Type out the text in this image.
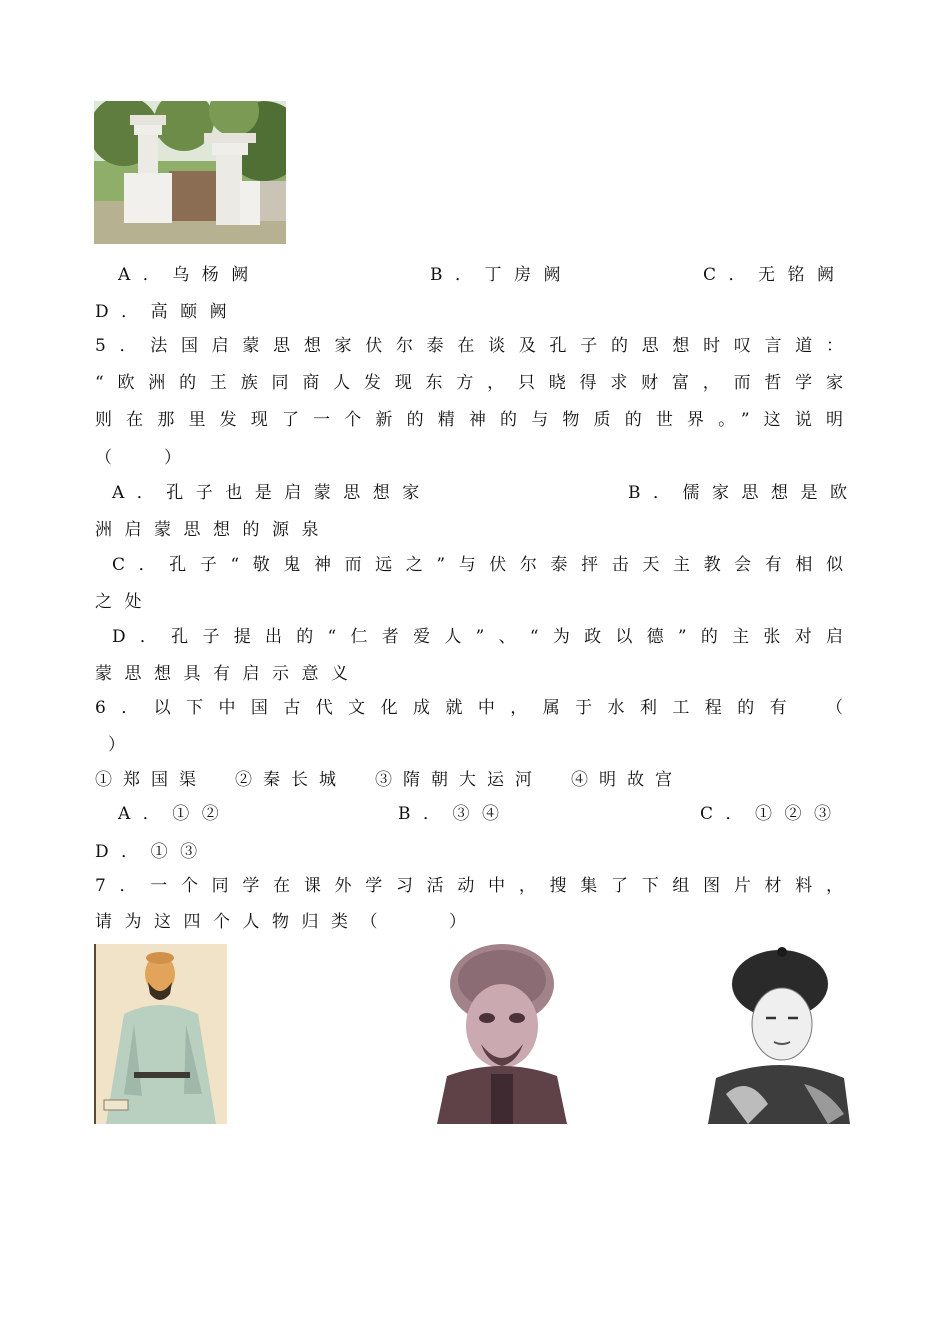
A．乌杨阙	B．丁房阙	C．无铭阙
D．高颐阙
5．法国启蒙思想家伏尔泰在谈及孔子的思想时叹言道：
“欧洲的王族同商人发现东方，只晓得求财富，而哲学家
则在那里发现了一个新的精神的与物质的世界。”这说明
（　　）
A．孔子也是启蒙思想家	B．儒家思想是欧
洲启蒙思想的源泉
C．孔子“敬鬼神而远之”与伏尔泰抨击天主教会有相似
之处
D．孔子提出的“仁者爱人”、“为政以德”的主张对启
蒙思想具有启示意义
6．以下中国古代文化成就中，属于水利工程的有　（
）
①郑国渠　②秦长城　③隋朝大运河　④明故宫
A．①②	B．③④	C．①②③
D．①③
7．一个同学在课外学习活动中，搜集了下组图片材料，
请为这四个人物归类（　　）
